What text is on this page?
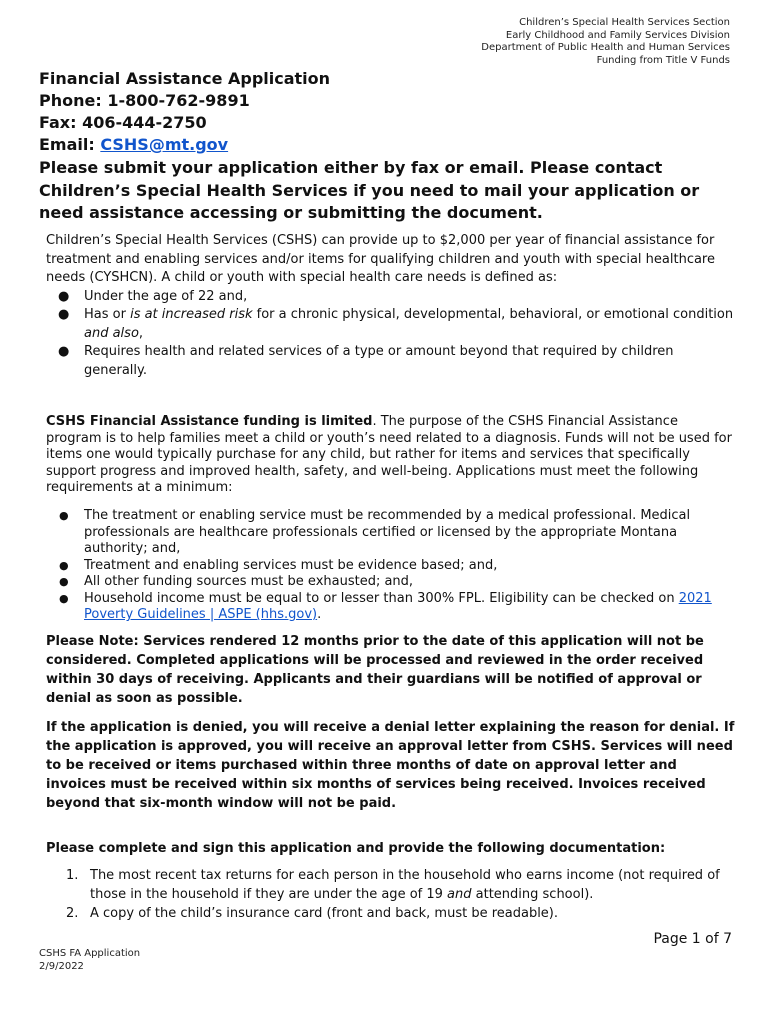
Children’s Special Health Services Section
Early Childhood and Family Services Division
Department of Public Health and Human Services
Funding from Title V Funds
Financial Assistance Application
Phone: 1-800-762-9891
Fax: 406-444-2750
Email: CSHS@mt.gov
Please submit your application either by fax or email. Please contact Children’s Special Health Services if you need to mail your application or need assistance accessing or submitting the document.

Children’s Special Health Services (CSHS) can provide up to $2,000 per year of financial assistance for treatment and enabling services and/or items for qualifying children and youth with special healthcare needs (CYSHCN). A child or youth with special health care needs is defined as:

● Under the age of 22 and,
● Has or is at increased risk for a chronic physical, developmental, behavioral, or emotional condition and also,
● Requires health and related services of a type or amount beyond that required by children generally.

CSHS Financial Assistance funding is limited. The purpose of the CSHS Financial Assistance program is to help families meet a child or youth’s need related to a diagnosis. Funds will not be used for items one would typically purchase for any child, but rather for items and services that specifically support progress and improved health, safety, and well-being. Applications must meet the following requirements at a minimum:

● The treatment or enabling service must be recommended by a medical professional. Medical professionals are healthcare professionals certified or licensed by the appropriate Montana authority; and,
● Treatment and enabling services must be evidence based; and,
● All other funding sources must be exhausted; and,
● Household income must be equal to or lesser than 300% FPL. Eligibility can be checked on 2021 Poverty Guidelines | ASPE (hhs.gov).
Please Note: Services rendered 12 months prior to the date of this application will not be considered. Completed applications will be processed and reviewed in the order received within 30 days of receiving. Applicants and their guardians will be notified of approval or denial as soon as possible.
If the application is denied, you will receive a denial letter explaining the reason for denial. If the application is approved, you will receive an approval letter from CSHS. Services will need to be received or items purchased within three months of date on approval letter and invoices must be received within six months of services being received. Invoices received beyond that six-month window will not be paid.
Please complete and sign this application and provide the following documentation:
1. The most recent tax returns for each person in the household who earns income (not required of those in the household if they are under the age of 19 and attending school).
2. A copy of the child’s insurance card (front and back, must be readable).
Page 1 of 7
CSHS FA Application
2/9/2022
